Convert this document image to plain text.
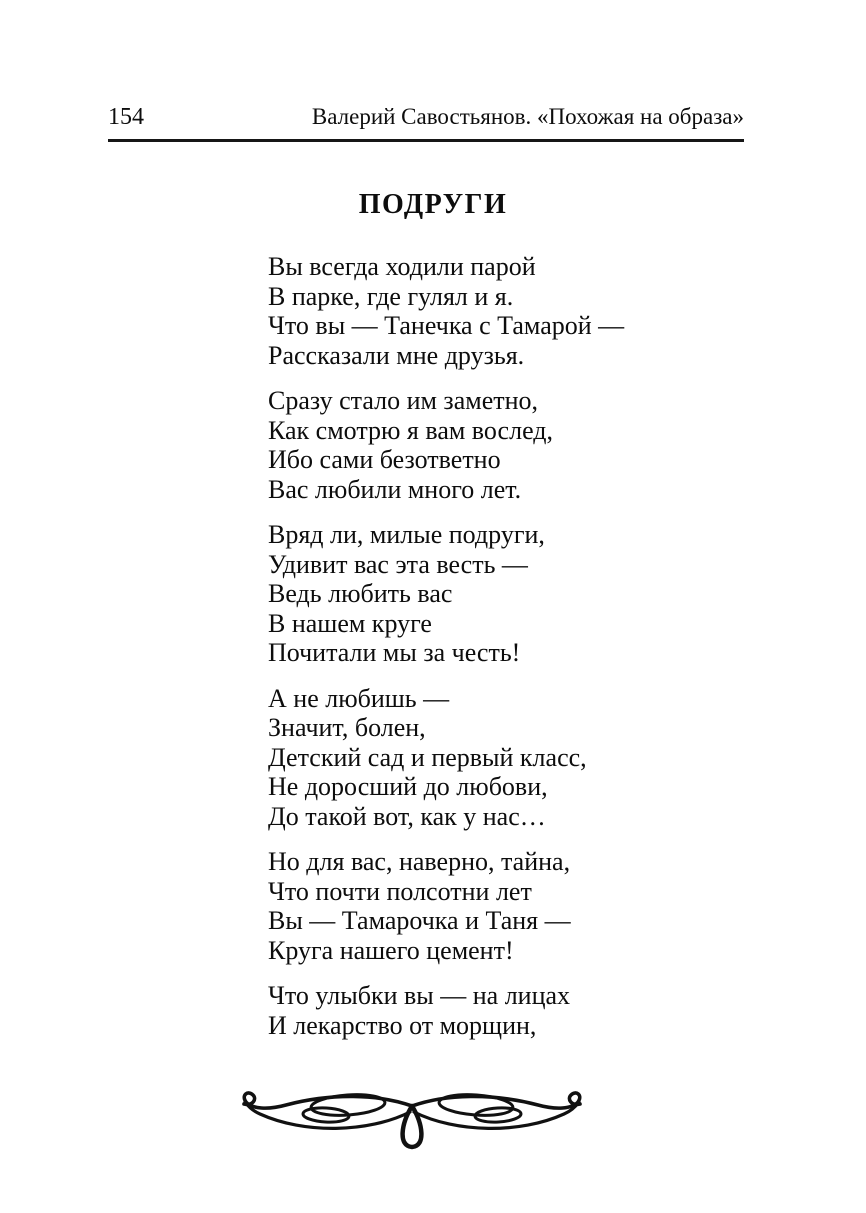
154	Валерий Савостьянов. «Похожая на образа»
ПОДРУГИ

Вы всегда ходили парой
В парке, где гулял и я.
Что вы — Танечка с Тамарой —
Рассказали мне друзья.

Сразу стало им заметно,
Как смотрю я вам вослед,
Ибо сами безответно
Вас любили много лет.

Вряд ли, милые подруги,
Удивит вас эта весть —
Ведь любить вас
В нашем круге
Почитали мы за честь!

А не любишь —
Значит, болен,
Детский сад и первый класс,
Не доросший до любови,
До такой вот, как у нас…

Но для вас, наверно, тайна,
Что почти полсотни лет
Вы — Тамарочка и Таня —
Круга нашего цемент!

Что улыбки вы — на лицах
И лекарство от морщин,
